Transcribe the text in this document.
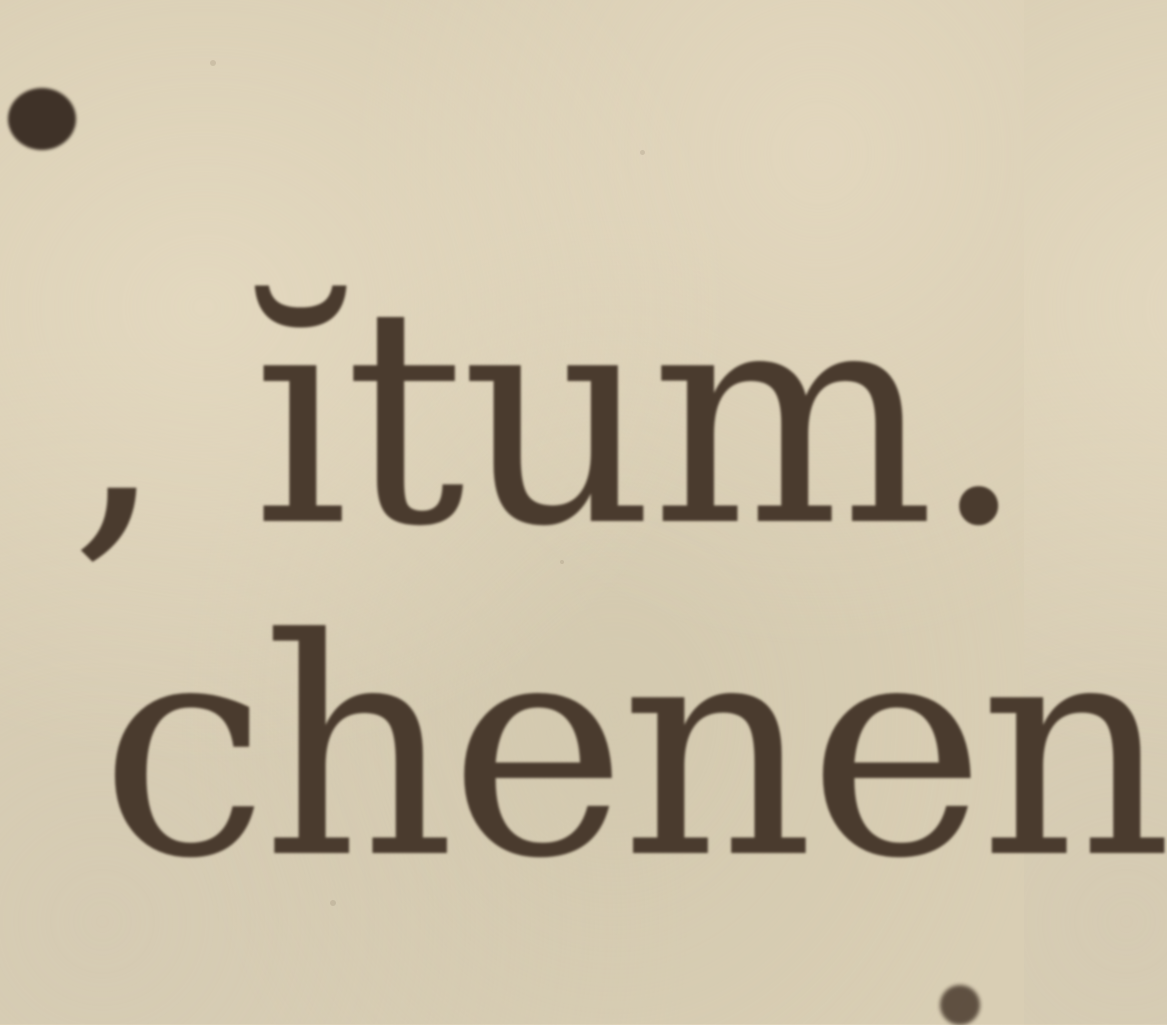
, ĭtum.
chenen
